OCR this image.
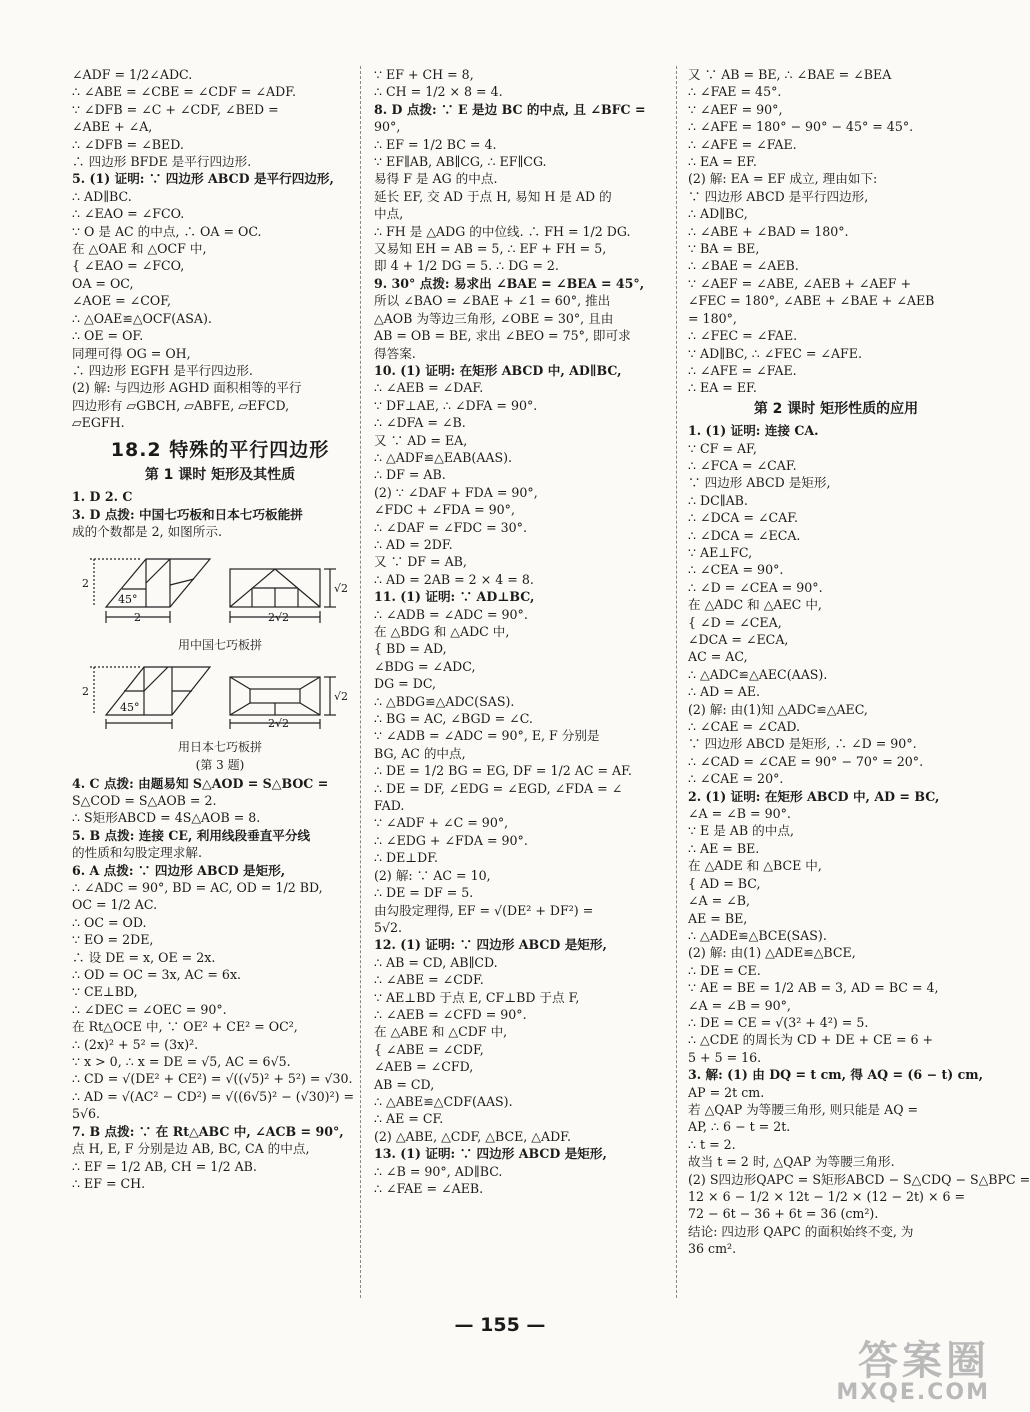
∠ADF = 1/2∠ADC.
∴ ∠ABE = ∠CBE = ∠CDF = ∠ADF.
∵ ∠DFB = ∠C + ∠CDF, ∠BED =
∠ABE + ∠A,
∴ ∠DFB = ∠BED.
∴ 四边形 BFDE 是平行四边形.
5. (1) 证明: ∵ 四边形 ABCD 是平行四边形,
∴ AD∥BC.
∴ ∠EAO = ∠FCO.
∵ O 是 AC 的中点, ∴ OA = OC.
在 △OAE 和 △OCF 中,
{ ∠EAO = ∠FCO,
OA = OC,
∠AOE = ∠COF,
∴ △OAE≌△OCF(ASA).
∴ OE = OF.
同理可得 OG = OH,
∴ 四边形 EGFH 是平行四边形.
(2) 解: 与四边形 AGHD 面积相等的平行
四边形有 ▱GBCH, ▱ABFE, ▱EFCD,
▱EGFH.
18.2 特殊的平行四边形
第 1 课时 矩形及其性质
1. D 2. C
3. D 点拨: 中国七巧板和日本七巧板能拼
成的个数都是 2, 如图所示.
2
45°
2	2√2
√2
用中国七巧板拼
2
45°
2√2
√2
用日本七巧板拼
(第 3 题)
4. C 点拨: 由题易知 S△AOD = S△BOC =
S△COD = S△AOB = 2.
∴ S矩形ABCD = 4S△AOB = 8.
5. B 点拨: 连接 CE, 利用线段垂直平分线
的性质和勾股定理求解.
6. A 点拨: ∵ 四边形 ABCD 是矩形,
∴ ∠ADC = 90°, BD = AC, OD = 1/2 BD,
OC = 1/2 AC.
∴ OC = OD.
∵ EO = 2DE,
∴ 设 DE = x, OE = 2x.
∴ OD = OC = 3x, AC = 6x.
∵ CE⊥BD,
∴ ∠DEC = ∠OEC = 90°.
在 Rt△OCE 中, ∵ OE² + CE² = OC²,
∴ (2x)² + 5² = (3x)².
∵ x > 0, ∴ x = DE = √5, AC = 6√5.
∴ CD = √(DE² + CE²) = √((√5)² + 5²) = √30.
∴ AD = √(AC² − CD²) = √((6√5)² − (√30)²) =
5√6.
7. B 点拨: ∵ 在 Rt△ABC 中, ∠ACB = 90°,
点 H, E, F 分别是边 AB, BC, CA 的中点,
∴ EF = 1/2 AB, CH = 1/2 AB.
∴ EF = CH.
∵ EF + CH = 8,
∴ CH = 1/2 × 8 = 4.
8. D 点拨: ∵ E 是边 BC 的中点, 且 ∠BFC =
90°,
∴ EF = 1/2 BC = 4.
∵ EF∥AB, AB∥CG, ∴ EF∥CG.
易得 F 是 AG 的中点.
延长 EF, 交 AD 于点 H, 易知 H 是 AD 的
中点,
∴ FH 是 △ADG 的中位线. ∴ FH = 1/2 DG.
又易知 EH = AB = 5, ∴ EF + FH = 5,
即 4 + 1/2 DG = 5. ∴ DG = 2.
9. 30° 点拨: 易求出 ∠BAE = ∠BEA = 45°,
所以 ∠BAO = ∠BAE + ∠1 = 60°, 推出
△AOB 为等边三角形, ∠OBE = 30°, 且由
AB = OB = BE, 求出 ∠BEO = 75°, 即可求
得答案.
10. (1) 证明: 在矩形 ABCD 中, AD∥BC,
∴ ∠AEB = ∠DAF.
∵ DF⊥AE, ∴ ∠DFA = 90°.
∴ ∠DFA = ∠B.
又 ∵ AD = EA,
∴ △ADF≌△EAB(AAS).
∴ DF = AB.
(2) ∵ ∠DAF + FDA = 90°,
∠FDC + ∠FDA = 90°,
∴ ∠DAF = ∠FDC = 30°.
∴ AD = 2DF.
又 ∵ DF = AB,
∴ AD = 2AB = 2 × 4 = 8.
11. (1) 证明: ∵ AD⊥BC,
∴ ∠ADB = ∠ADC = 90°.
在 △BDG 和 △ADC 中,
{ BD = AD,
∠BDG = ∠ADC,
DG = DC,
∴ △BDG≌△ADC(SAS).
∴ BG = AC, ∠BGD = ∠C.
∵ ∠ADB = ∠ADC = 90°, E, F 分别是
BG, AC 的中点,
∴ DE = 1/2 BG = EG, DF = 1/2 AC = AF.
∴ DE = DF, ∠EDG = ∠EGD, ∠FDA = ∠
FAD.
∵ ∠ADF + ∠C = 90°,
∴ ∠EDG + ∠FDA = 90°.
∴ DE⊥DF.
(2) 解: ∵ AC = 10,
∴ DE = DF = 5.
由勾股定理得, EF = √(DE² + DF²) =
5√2.
12. (1) 证明: ∵ 四边形 ABCD 是矩形,
∴ AB = CD, AB∥CD.
∴ ∠ABE = ∠CDF.
∵ AE⊥BD 于点 E, CF⊥BD 于点 F,
∴ ∠AEB = ∠CFD = 90°.
在 △ABE 和 △CDF 中,
{ ∠ABE = ∠CDF,
∠AEB = ∠CFD,
AB = CD,
∴ △ABE≌△CDF(AAS).
∴ AE = CF.
(2) △ABE, △CDF, △BCE, △ADF.
13. (1) 证明: ∵ 四边形 ABCD 是矩形,
∴ ∠B = 90°, AD∥BC.
∴ ∠FAE = ∠AEB.
又 ∵ AB = BE, ∴ ∠BAE = ∠BEA
∴ ∠FAE = 45°.
∵ ∠AEF = 90°,
∴ ∠AFE = 180° − 90° − 45° = 45°.
∴ ∠AFE = ∠FAE.
∴ EA = EF.
(2) 解: EA = EF 成立, 理由如下:
∵ 四边形 ABCD 是平行四边形,
∴ AD∥BC,
∴ ∠ABE + ∠BAD = 180°.
∵ BA = BE,
∴ ∠BAE = ∠AEB.
∵ ∠AEF = ∠ABE, ∠AEB + ∠AEF +
∠FEC = 180°, ∠ABE + ∠BAE + ∠AEB
= 180°,
∴ ∠FEC = ∠FAE.
∵ AD∥BC, ∴ ∠FEC = ∠AFE.
∴ ∠AFE = ∠FAE.
∴ EA = EF.
第 2 课时 矩形性质的应用
1. (1) 证明: 连接 CA.
∵ CF = AF,
∴ ∠FCA = ∠CAF.
∵ 四边形 ABCD 是矩形,
∴ DC∥AB.
∴ ∠DCA = ∠CAF.
∴ ∠DCA = ∠ECA.
∵ AE⊥FC,
∴ ∠CEA = 90°.
∴ ∠D = ∠CEA = 90°.
在 △ADC 和 △AEC 中,
{ ∠D = ∠CEA,
∠DCA = ∠ECA,
AC = AC,
∴ △ADC≌△AEC(AAS).
∴ AD = AE.
(2) 解: 由(1)知 △ADC≌△AEC,
∴ ∠CAE = ∠CAD.
∵ 四边形 ABCD 是矩形, ∴ ∠D = 90°.
∴ ∠CAD = ∠CAE = 90° − 70° = 20°.
∴ ∠CAE = 20°.
2. (1) 证明: 在矩形 ABCD 中, AD = BC,
∠A = ∠B = 90°.
∵ E 是 AB 的中点,
∴ AE = BE.
在 △ADE 和 △BCE 中,
{ AD = BC,
∠A = ∠B,
AE = BE,
∴ △ADE≌△BCE(SAS).
(2) 解: 由(1) △ADE≌△BCE,
∴ DE = CE.
∵ AE = BE = 1/2 AB = 3, AD = BC = 4,
∠A = ∠B = 90°,
∴ DE = CE = √(3² + 4²) = 5.
∴ △CDE 的周长为 CD + DE + CE = 6 +
5 + 5 = 16.
3. 解: (1) 由 DQ = t cm, 得 AQ = (6 − t) cm,
AP = 2t cm.
若 △QAP 为等腰三角形, 则只能是 AQ =
AP, ∴ 6 − t = 2t.
∴ t = 2.
故当 t = 2 时, △QAP 为等腰三角形.
(2) S四边形QAPC = S矩形ABCD − S△CDQ − S△BPC =
12 × 6 − 1/2 × 12t − 1/2 × (12 − 2t) × 6 =
72 − 6t − 36 + 6t = 36 (cm²).
结论: 四边形 QAPC 的面积始终不变, 为
36 cm².
— 155 —
答案圈
MXQE.COM
